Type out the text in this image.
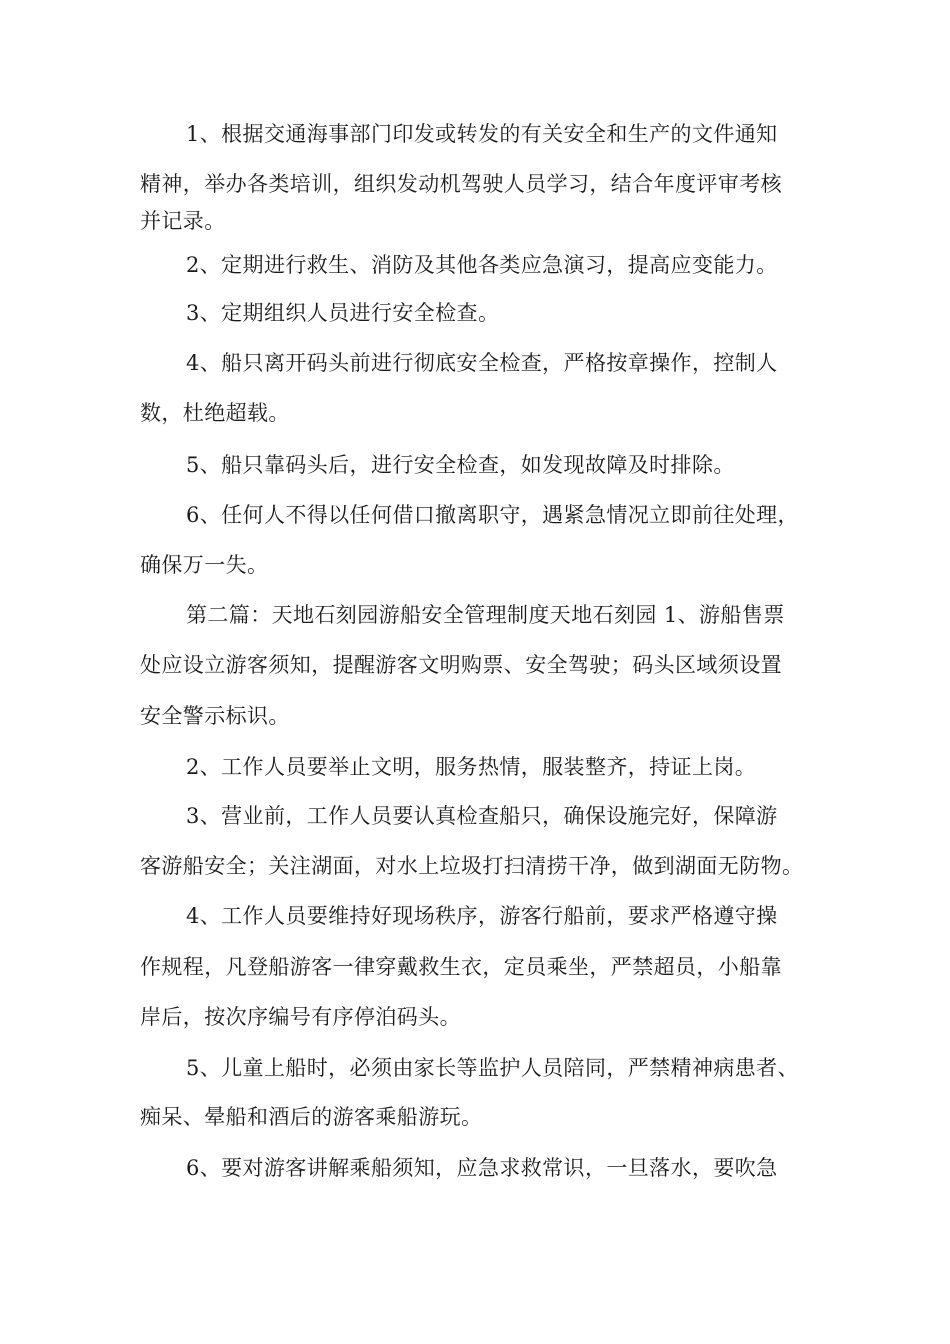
1、根据交通海事部门印发或转发的有关安全和生产的文件通知
精神，举办各类培训，组织发动机驾驶人员学习，结合年度评审考核
并记录。
2、定期进行救生、消防及其他各类应急演习，提高应变能力。
3、定期组织人员进行安全检查。
4、船只离开码头前进行彻底安全检查，严格按章操作，控制人
数，杜绝超载。
5、船只靠码头后，进行安全检查，如发现故障及时排除。
6、任何人不得以任何借口撤离职守，遇紧急情况立即前往处理，
确保万一失。
第二篇：天地石刻园游船安全管理制度天地石刻园 1、游船售票
处应设立游客须知，提醒游客文明购票、安全驾驶；码头区域须设置
安全警示标识。
2、工作人员要举止文明，服务热情，服装整齐，持证上岗。
3、营业前，工作人员要认真检查船只，确保设施完好，保障游
客游船安全；关注湖面，对水上垃圾打扫清捞干净，做到湖面无防物。
4、工作人员要维持好现场秩序，游客行船前，要求严格遵守操
作规程，凡登船游客一律穿戴救生衣，定员乘坐，严禁超员，小船靠
岸后，按次序编号有序停泊码头。
5、儿童上船时，必须由家长等监护人员陪同，严禁精神病患者、
痴呆、晕船和酒后的游客乘船游玩。
6、要对游客讲解乘船须知，应急求救常识，一旦落水，要吹急
